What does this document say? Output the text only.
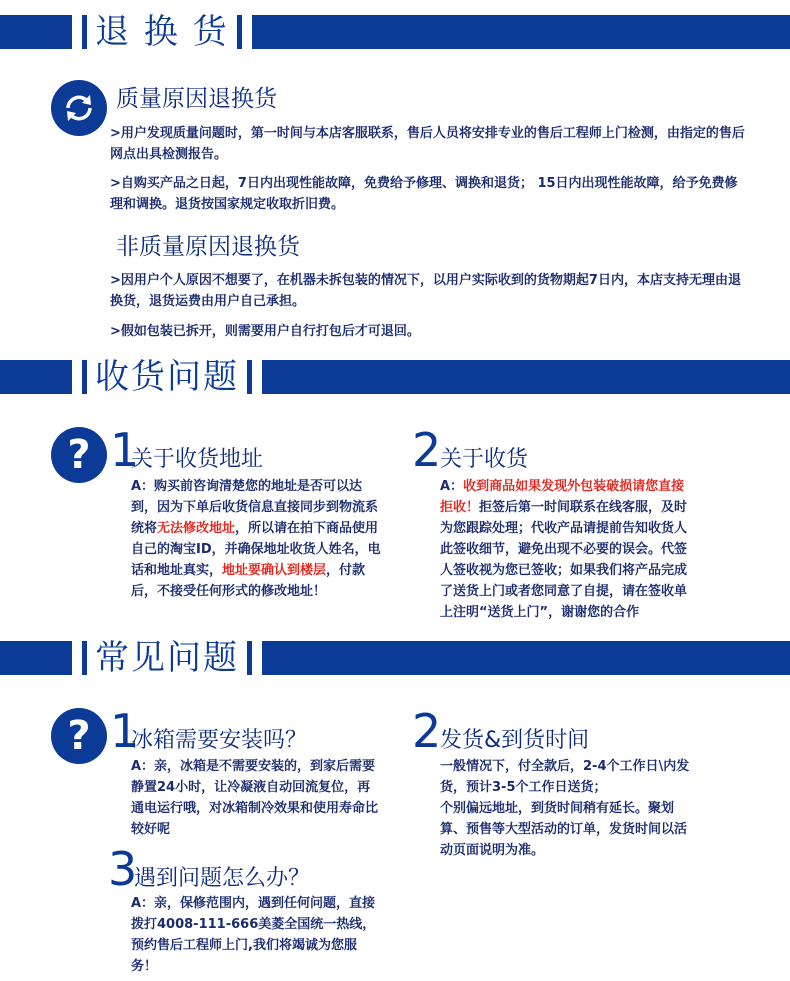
退 换 货
质量原因退换货
>用户发现质量问题时，第一时间与本店客服联系，售后人员将安排专业的售后工程师上门检测，由指定的售后网点出具检测报告。
>自购买产品之日起，7日内出现性能故障，免费给予修理、调换和退货； 15日内出现性能故障，给予免费修理和调换。退货按国家规定收取折旧费。
非质量原因退换货
>因用户个人原因不想要了，在机器未拆包装的情况下，以用户实际收到的货物期起7日内，本店支持无理由退换货，退货运费由用户自己承担。
>假如包装已拆开，则需要用户自行打包后才可退回。
收货问题
? 1
关于收货地址
A：购买前咨询清楚您的地址是否可以达到，因为下单后收货信息直接同步到物流系统将无法修改地址，所以请在拍下商品使用自己的淘宝ID，并确保地址收货人姓名，电话和地址真实，地址要确认到楼层，付款后，不接受任何形式的修改地址！
2
关于收货
A：收到商品如果发现外包装破损请您直接拒收！拒签后第一时间联系在线客服，及时为您跟踪处理；代收产品请提前告知收货人此签收细节，避免出现不必要的误会。代签人签收视为您已签收；如果我们将产品完成了送货上门或者您同意了自提，请在签收单上注明“送货上门”，谢谢您的合作
常见问题
? 1
冰箱需要安装吗？
A：亲，冰箱是不需要安装的，到家后需要静置24小时，让冷凝液自动回流复位，再通电运行哦，对冰箱制冷效果和使用寿命比较好呢
2
发货&到货时间
一般情况下，付全款后，2-4个工作日\内发货，预计3-5个工作日送货；
个别偏远地址，到货时间稍有延长。聚划算、预售等大型活动的订单，发货时间以活动页面说明为准。
3
遇到问题怎么办？
A：亲，保修范围内，遇到任何问题，直接拨打4008-111-666美菱全国统一热线，预约售后工程师上门,我们将竭诚为您服务！
